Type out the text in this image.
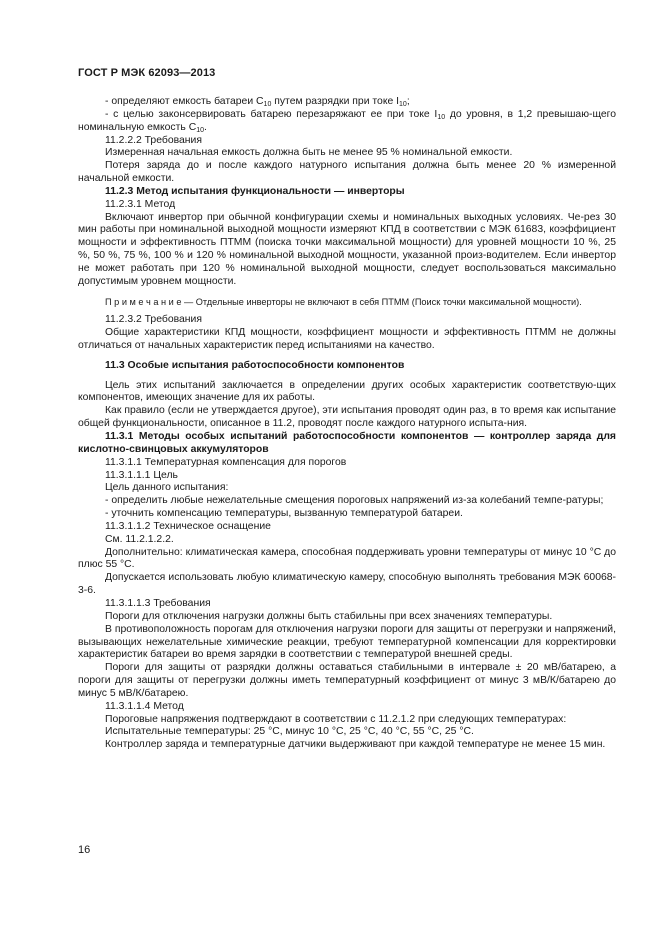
ГОСТ Р МЭК 62093—2013

- определяют емкость батареи $C_{10}$ путем разрядки при токе $I_{10}$;

- с целью законсервировать батарею перезаряжают ее при токе $I_{10}$ до уровня, в 1,2 превышаю-щего номинальную емкость $C_{10}$.

11.2.2.2 Требования

Измеренная начальная емкость должна быть не менее 95 % номинальной емкости.

Потеря заряда до и после каждого натурного испытания должна быть менее 20 % измеренной начальной емкости.

11.2.3 Метод испытания функциональности — инверторы

11.2.3.1 Метод

Включают инвертор при обычной конфигурации схемы и номинальных выходных условиях. Че-рез 30 мин работы при номинальной выходной мощности измеряют КПД в соответствии с МЭК 61683, коэффициент мощности и эффективность ПТММ (поиска точки максимальной мощности) для уровней мощности 10 %, 25 %, 50 %, 75 %, 100 % и 120 % номинальной выходной мощности, указанной произ-водителем. Если инвертор не может работать при 120 % номинальной выходной мощности, следует воспользоваться максимально допустимым уровнем мощности.

П р и м е ч а н и е — Отдельные инверторы не включают в себя ПТММ (Поиск точки максимальной мощности).

11.2.3.2 Требования

Общие характеристики КПД мощности, коэффициент мощности и эффективность ПТММ не должны отличаться от начальных характеристик перед испытаниями на качество.

11.3 Особые испытания работоспособности компонентов

Цель этих испытаний заключается в определении других особых характеристик соответствую-щих компонентов, имеющих значение для их работы.

Как правило (если не утверждается другое), эти испытания проводят один раз, в то время как испытание общей функциональности, описанное в 11.2, проводят после каждого натурного испыта-ния.

11.3.1 Методы особых испытаний работоспособности компонентов — контроллер заряда для кислотно-свинцовых аккумуляторов

11.3.1.1 Температурная компенсация для порогов

11.3.1.1.1 Цель

Цель данного испытания:

- определить любые нежелательные смещения пороговых напряжений из-за колебаний темпе-ратуры;

- уточнить компенсацию температуры, вызванную температурой батареи.

11.3.1.1.2 Техническое оснащение

См. 11.2.1.2.2.

Дополнительно: климатическая камера, способная поддерживать уровни температуры от минус 10 °С до плюс 55 °С.

Допускается использовать любую климатическую камеру, способную выполнять требования МЭК 60068-3-6.

11.3.1.1.3 Требования

Пороги для отключения нагрузки должны быть стабильны при всех значениях температуры.

В противоположность порогам для отключения нагрузки пороги для защиты от перегрузки и напряжений, вызывающих нежелательные химические реакции, требуют температурной компенсации для корректировки характеристик батареи во время зарядки в соответствии с температурой внешней среды.

Пороги для защиты от разрядки должны оставаться стабильными в интервале ± 20 мВ/батарею, а пороги для защиты от перегрузки должны иметь температурный коэффициент от минус 3 мВ/К/батарею до минус 5 мВ/К/батарею.

11.3.1.1.4 Метод

Пороговые напряжения подтверждают в соответствии с 11.2.1.2 при следующих температурах:

Испытательные температуры: 25 °С, минус 10 °С, 25 °С, 40 °С, 55 °С, 25 °С.

Контроллер заряда и температурные датчики выдерживают при каждой температуре не менее 15 мин.

16
